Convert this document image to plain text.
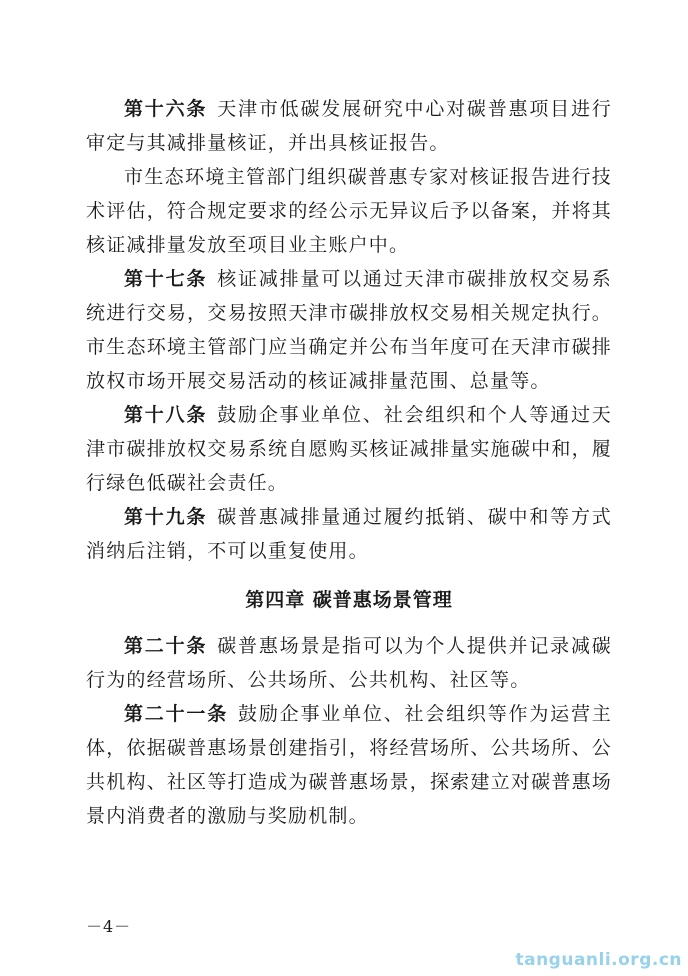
第十六条 天津市低碳发展研究中心对碳普惠项目进行审定与其减排量核证，并出具核证报告。

市生态环境主管部门组织碳普惠专家对核证报告进行技术评估，符合规定要求的经公示无异议后予以备案，并将其核证减排量发放至项目业主账户中。

第十七条 核证减排量可以通过天津市碳排放权交易系统进行交易，交易按照天津市碳排放权交易相关规定执行。市生态环境主管部门应当确定并公布当年度可在天津市碳排放权市场开展交易活动的核证减排量范围、总量等。

第十八条 鼓励企事业单位、社会组织和个人等通过天津市碳排放权交易系统自愿购买核证减排量实施碳中和，履行绿色低碳社会责任。

第十九条 碳普惠减排量通过履约抵销、碳中和等方式消纳后注销，不可以重复使用。

第四章 碳普惠场景管理

第二十条 碳普惠场景是指可以为个人提供并记录减碳行为的经营场所、公共场所、公共机构、社区等。

第二十一条 鼓励企事业单位、社会组织等作为运营主体，依据碳普惠场景创建指引，将经营场所、公共场所、公共机构、社区等打造成为碳普惠场景，探索建立对碳普惠场景内消费者的激励与奖励机制。

－4－
tanguanli.org.cn
